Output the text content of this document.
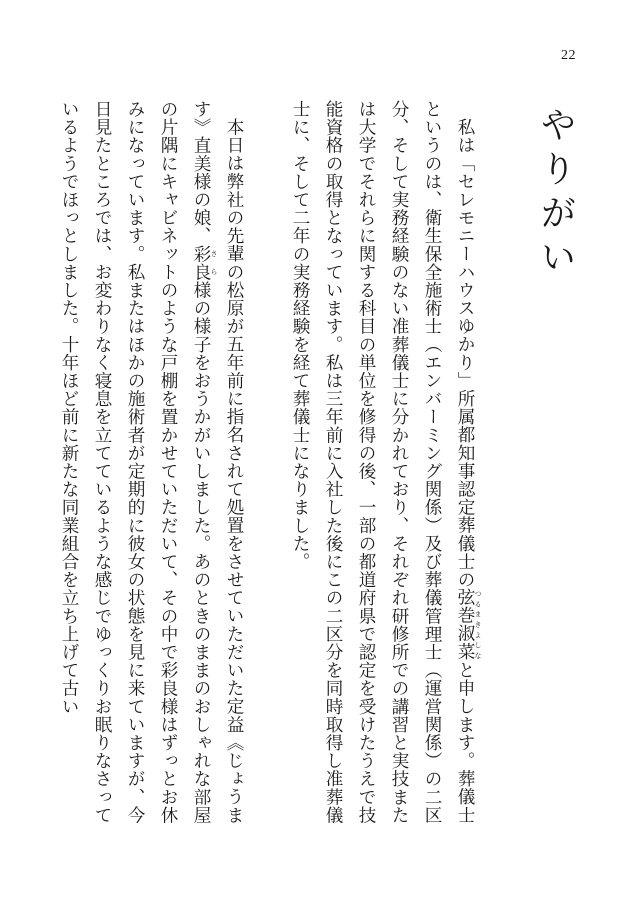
22
やりがい

私は「セレモニーハウスゆかり」所属都知事認定葬儀士の弦巻淑菜 つるまきよしなと申します。葬儀士というのは、衛生保全施術士（エンバーミング関係）及び葬儀管理士（運営関係）の二区分、そして実務経験のない准葬儀士に分かれており、それぞれ研修所での講習と実技または大学でそれらに関する科目の単位を修得の後、一部の都道府県で認定を受けたうえで技能資格の取得となっています。私は三年前に入社した後にこの二区分を同時取得し准葬儀士に、そして二年の実務経験を経て葬儀士になりました。

本日は弊社の先輩の松原が五年前に指名されて処置をさせていただいた定益《じょうます》直美様の娘、彩良 さら様の様子をおうかがいしました。あのときのままのおしゃれな部屋の片隅にキャビネットのような戸棚を置かせていただいて、その中で彩良様はずっとお休みになっています。私またはほかの施術者が定期的に彼女の状態を見に来ていますが、今日見たところでは、お変わりなく寝息を立てているような感じでゆっくりお眠りなさっているようでほっとしました。十年ほど前に新たな同業組合を立ち上げて古い
